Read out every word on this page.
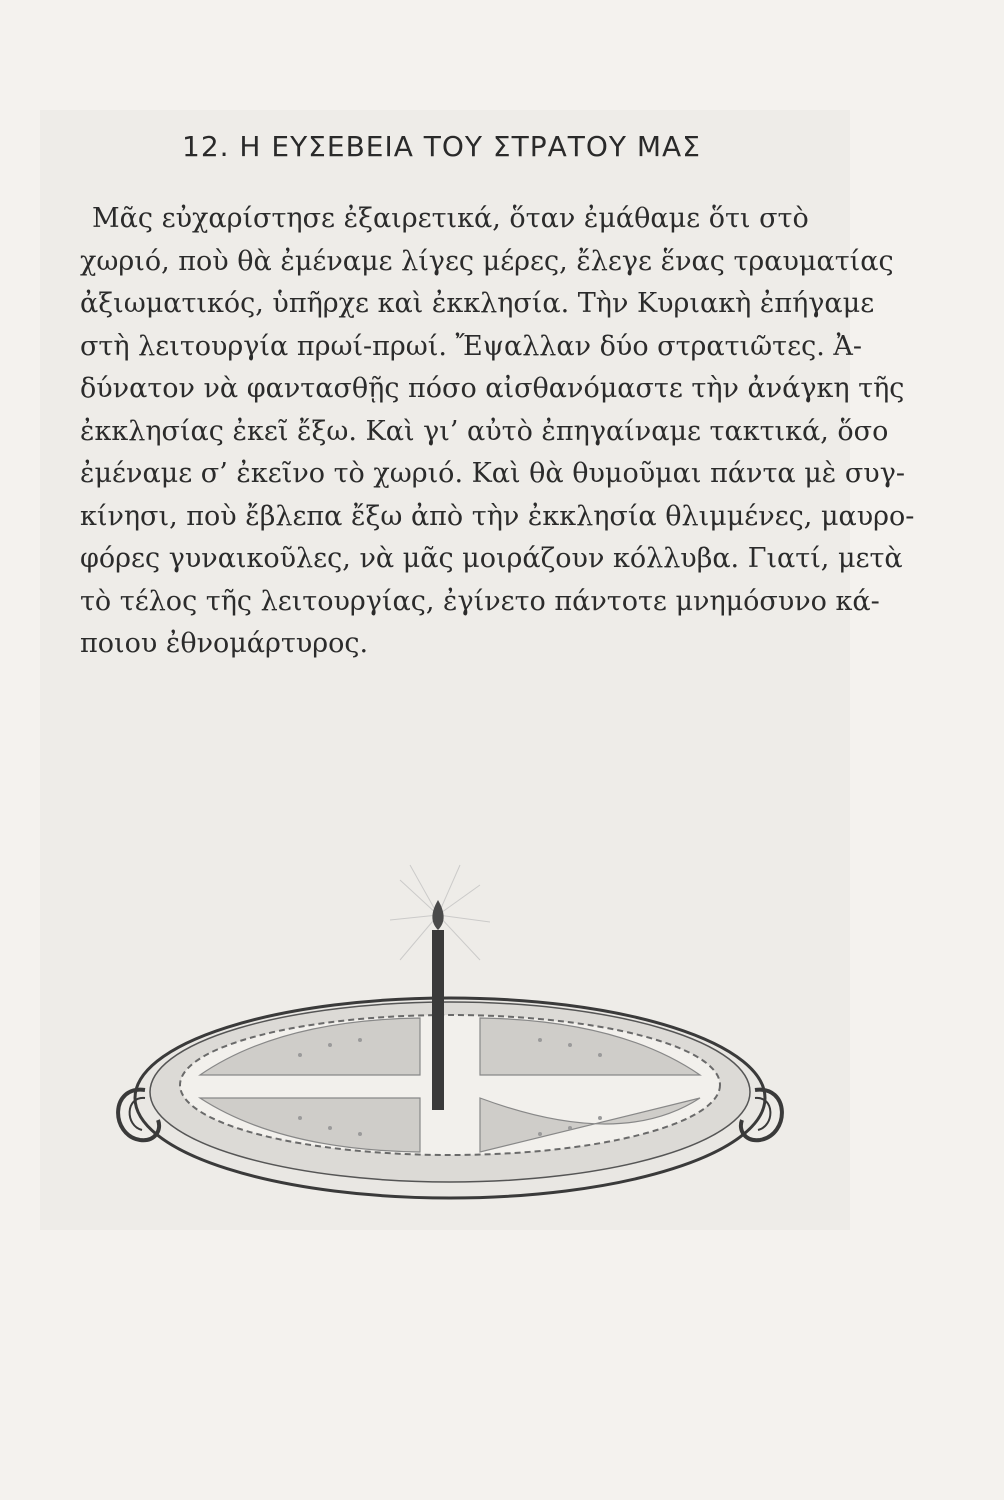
12. Η ΕΥΣΕΒΕΙΑ ΤΟΥ ΣΤΡΑΤΟΥ ΜΑΣ
Μᾶς εὐχαρίστησε ἐξαιρετικά, ὅταν ἐμάθαμε ὅτι στὸ
χωριό, ποὺ θὰ ἐμέναμε λίγες μέρες, ἔλεγε ἕνας τραυματίας
ἀξιωματικός, ὑπῆρχε καὶ ἐκκλησία. Τὴν Κυριακὴ ἐπήγαμε
στὴ λειτουργία πρωί-πρωί. Ἔψαλλαν δύο στρατιῶτες. Ἀ-
δύνατον νὰ φαντασθῇς πόσο αἰσθανόμαστε τὴν ἀνάγκη τῆς
ἐκκλησίας ἐκεῖ ἔξω. Καὶ γι’ αὐτὸ ἐπηγαίναμε τακτικά, ὅσο
ἐμέναμε σ’ ἐκεῖνο τὸ χωριό. Καὶ θὰ θυμοῦμαι πάντα μὲ συγ-
κίνησι, ποὺ ἔβλεπα ἔξω ἀπὸ τὴν ἐκκλησία θλιμμένες, μαυρο-
φόρες γυναικοῦλες, νὰ μᾶς μοιράζουν κόλλυβα. Γιατί, μετὰ
τὸ τέλος τῆς λειτουργίας, ἐγίνετο πάντοτε μνημόσυνο κά-
ποιου ἐθνομάρτυρος.
